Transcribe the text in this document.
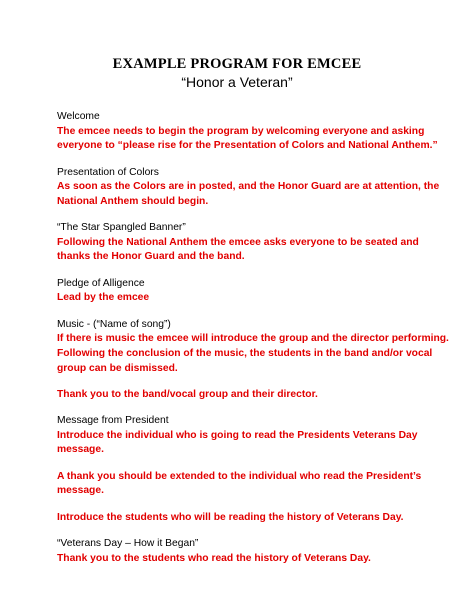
EXAMPLE PROGRAM FOR EMCEE
“Honor a Veteran”
Welcome
The emcee needs to begin the program by welcoming everyone and asking
everyone to “please rise for the Presentation of Colors and National Anthem.”
Presentation of Colors
As soon as the Colors are in posted, and the Honor Guard are at attention, the
National Anthem should begin.
“The Star Spangled Banner”
Following the National Anthem the emcee asks everyone to be seated and
thanks the Honor Guard and the band.
Pledge of Alligence
Lead by the emcee
Music - (“Name of song”)
If there is music the emcee will introduce the group and the director performing.
Following the conclusion of the music, the students in the band and/or vocal
group can be dismissed.
Thank you to the band/vocal group and their director.
Message from President
Introduce the individual who is going to read the Presidents Veterans Day
message.
A thank you should be extended to the individual who read the President’s
message.
Introduce the students who will be reading the history of Veterans Day.
“Veterans Day – How it Began”
Thank you to the students who read the history of Veterans Day.
